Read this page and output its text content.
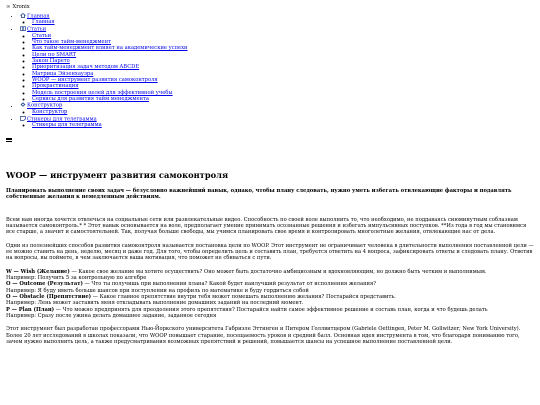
∞ Xronix
• Главная
◦ Главная
• Статьи
◦ Статьи
◦ Что такое тайм-менеджмент
◦ Как тайм-менеджмент влияет на академические успехи
◦ Цели по SMART
◦ Закон Парето
◦ Приоритизация задач методом ABCDE
◦ Матрица Эйзенхауэра
◦ WOOP — инструмент развития самоконтроля
◦ Прокрастинация
◦ Модель построения целей для эффективной учебы
◦ Сервисы для развития тайм менеджмента
• Конструктор
◦ Конструктор
• Стикеры для телеграмма
◦ Стикеры для телеграмма
WOOP — инструмент развития самоконтроля

Планировать выполнение своих задач — безусловно важнейший навык, однако, чтобы плану следовать, нужно уметь избегать отвлекающие факторы и подавлять собственные желания к немедленным действиям.

Всем нам иногда хочется отвлечься на социальные сети или развлекательные видео. Способность по своей воле выполнить то, что необходимо, не поддаваясь сиюминутным соблазнам называется самоконтроль.* * Этот навык основывается на воле, предполагает умение принимать осознанные решения и избегать импульсивных поступков. **Из года в год мы становимся все старше, а значит и самостоятельней. Так, получая больше свободы, мы учимся планировать свое время и контролировать многолетные желания, отвлекающие нас от дела.

Одни из полезнейших способов развития самоконтроля называется постановка цели по WOOP. Этот инструмент не ограничивает человека в длительности выполнения поставленной цели — ее можно ставить на день, неделю, месяц и даже год. Для того, чтобы определить цель и составить план, требуется ответить на 4 вопроса, зафиксировать ответы и следовать плану. Ответив на вопросы, вы поймете, в чем заключается ваша мотивация, что поможет не сбиваться с пути.

W — Wish (Желание) — Какое свое желание вы хотите осуществить? Оно может быть достаточно амбициозным и вдохновляющим, но должно быть четким и выполнимым.
Например: Получить 5 за контрольную по алгебре
O — Outcome (Результат) — Что ты получишь при выполнении плана? Какой будет наилучший результат от исполнения желания?
Например: Я буду иметь больше шансов при поступлении на профиль по математике и буду гордиться собой
O — Obstacle (Препятствие) — Какое главное препятствие внутри тебя может помешать выполнению желания? Постарайся представить.
Например: Лень может заставить меня откладывать выполнение домашних заданий на последний момент.
P — Plan (План) — Что можно предпринять для преодоления этого препятствия? Постарайся найти самое эффективное решение и составь план, когда и что будешь делать
Например: Сразу после ужина делать домашнее задание, заданное сегодня

Этот инструмент был разработан профессорами Нью-Йоркского университета Габриэле Эттинген и Питером Голлвитцером (Gabriele Oettingen, Peter M. Gollwitzer; New York University). Более 20 лет исследований в школах показали, что WOOP повышает старание, посещаемость уроков и средний балл. Основная идея инструмента в том, что благодаря пониманию того, зачем нужно выполнить цель, а также предусматривания возможных препятствий и решений, повышается шансы на успешное выполнение поставленной цели.
